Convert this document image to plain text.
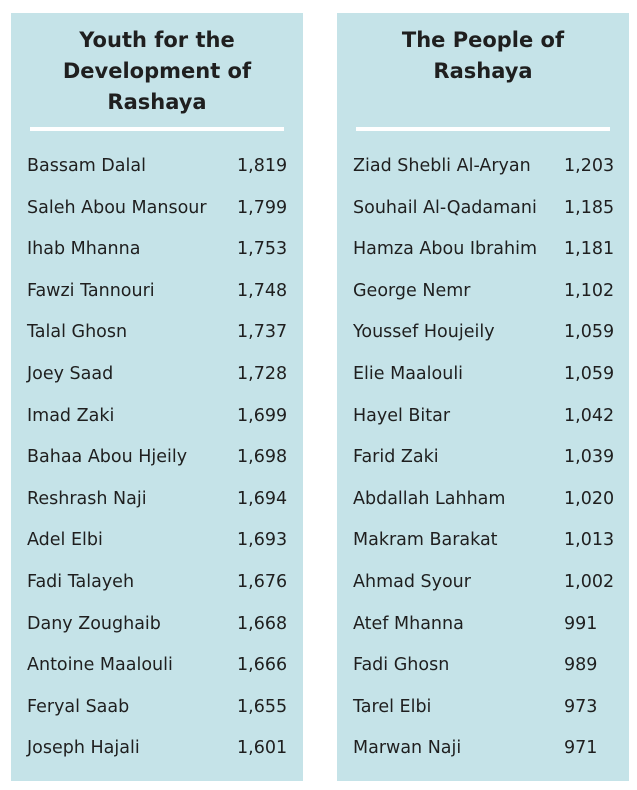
Youth for the
Development of
Rashaya
Bassam Dalal	1,819
Saleh Abou Mansour 1,799
Ihab Mhanna	1,753
Fawzi Tannouri	1,748
Talal Ghosn	1,737
Joey Saad	1,728
Imad Zaki	1,699
Bahaa Abou Hjeily	1,698
Reshrash Naji	1,694
Adel Elbi	1,693
Fadi Talayeh	1,676
Dany Zoughaib	1,668
Antoine Maalouli	1,666
Feryal Saab	1,655
Joseph Hajali	1,601
The People of
Rashaya
Ziad Shebli Al-Aryan 1,203
Souhail Al-Qadamani 1,185
Hamza Abou Ibrahim 1,181
George Nemr	1,102
Youssef Houjeily	1,059
Elie Maalouli	1,059
Hayel Bitar	1,042
Farid Zaki	1,039
Abdallah Lahham	1,020
Makram Barakat	1,013
Ahmad Syour	1,002
Atef Mhanna	991
Fadi Ghosn	989
Tarel Elbi	973
Marwan Naji	971
